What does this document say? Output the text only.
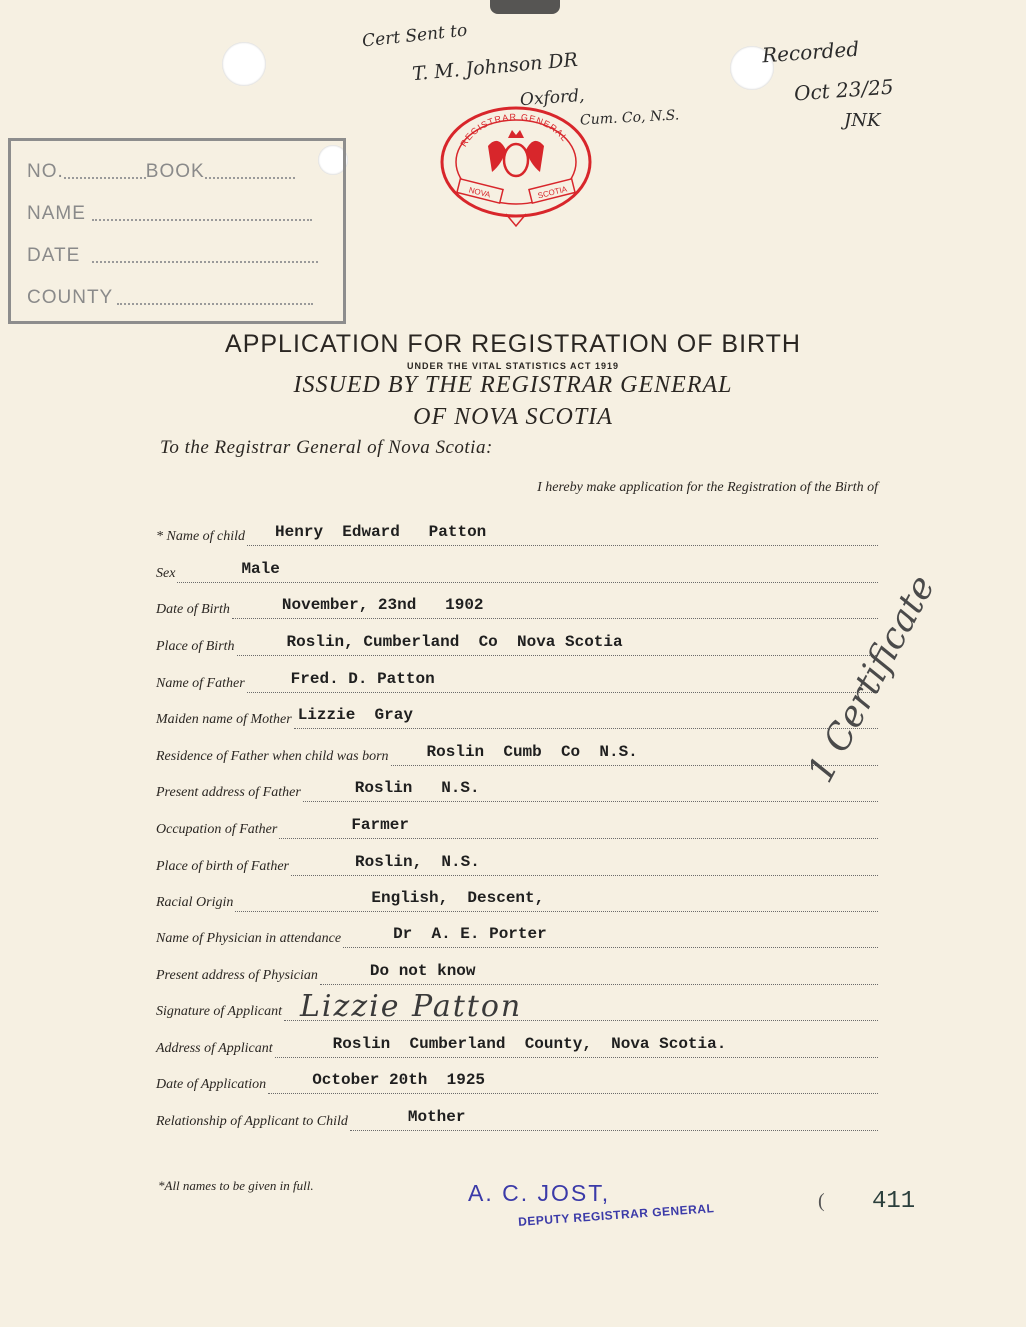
Cert Sent to
T. M. Johnson DR
Oxford,
Cum. Co, N.S.
Recorded
Oct 23/25
JNK
NO.	BOOK
NAME
DATE
COUNTY
REGISTRAR GENERAL
NOVA	SCOTIA
APPLICATION FOR REGISTRATION OF BIRTH
UNDER THE VITAL STATISTICS ACT 1919
ISSUED BY THE REGISTRAR GENERAL
OF NOVA SCOTIA
To the Registrar General of Nova Scotia:
I hereby make application for the Registration of the Birth of
* Name of child Henry  Edward   Patton
Sex	Male
Date of Birth	November, 23nd   1902
Place of Birth	Roslin, Cumberland  Co  Nova Scotia
Name of Father	Fred. D. Patton
Maiden name of Mother Lizzie  Gray
Residence of Father when child was born Roslin  Cumb  Co  N.S.
Present address of Father	Roslin   N.S.
Occupation of Father	Farmer
Place of birth of Father	Roslin,  N.S.
Racial Origin	English,  Descent,
Name of Physician in attendance	Dr  A. E. Porter
Present address of Physician	Do not know
Signature of Applicant Lizzie Patton
Address of Applicant	Roslin  Cumberland  County,  Nova Scotia.
Date of Application	October 20th  1925
Relationship of Applicant to Child	Mother
1 Certificate
*All names to be given in full.	A. C. JOST,
DEPUTY REGISTRAR GENERAL
( 411
